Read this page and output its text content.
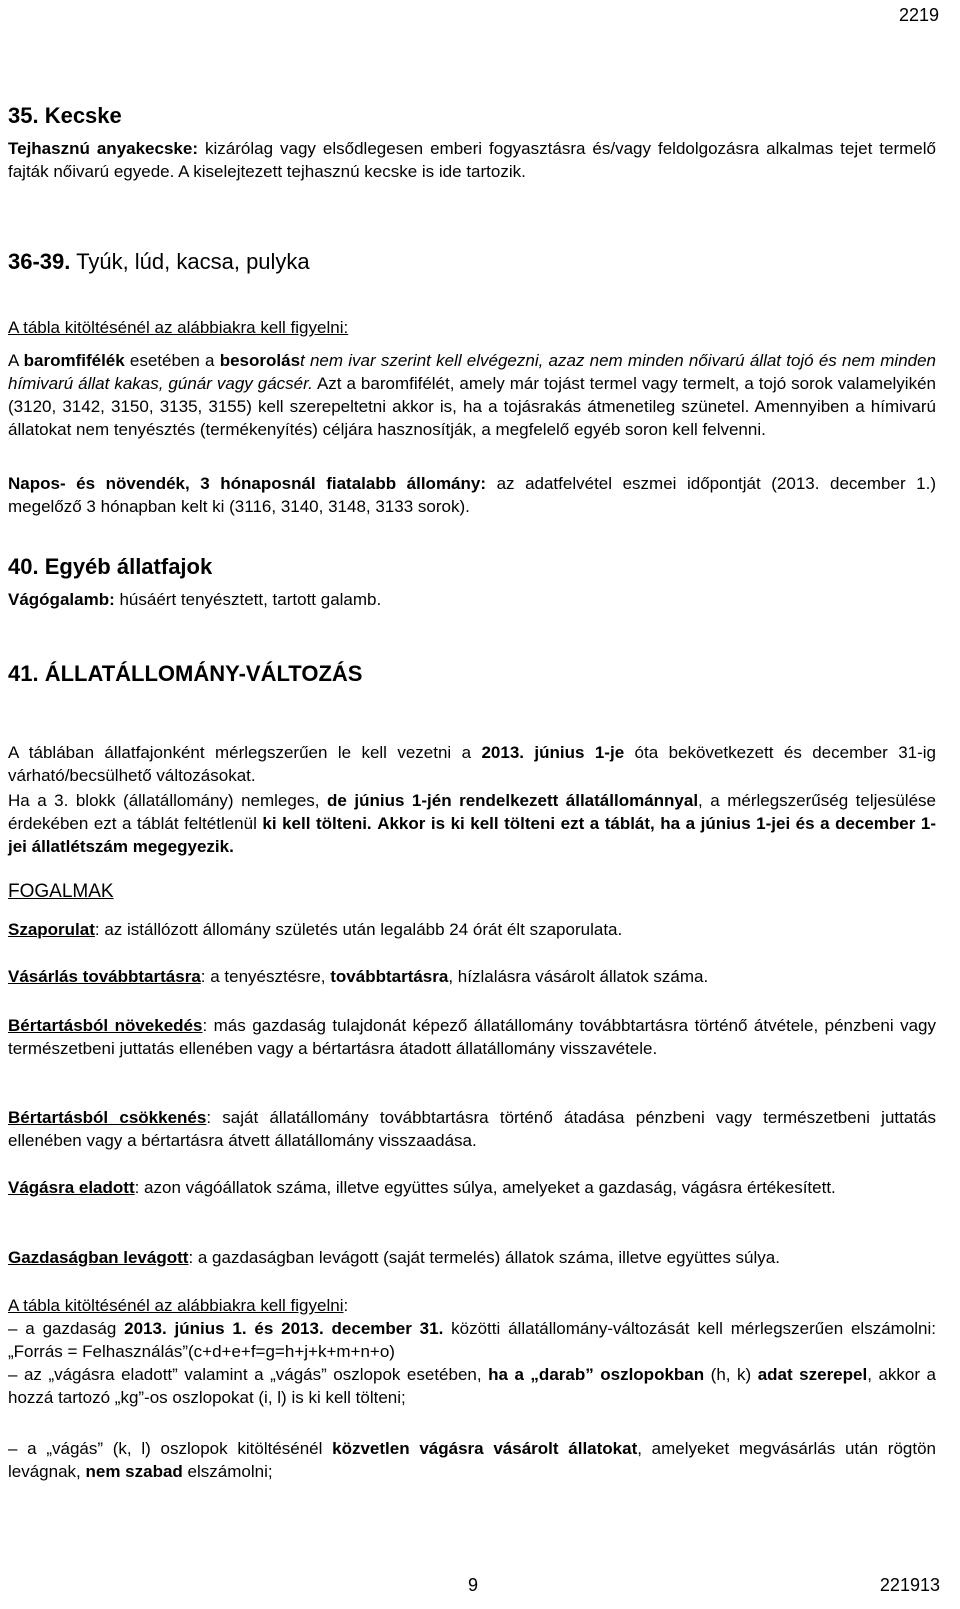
2219
35. Kecske
Tejhasznú anyakecske: kizárólag vagy elsődlegesen emberi fogyasztásra és/vagy feldolgozásra alkalmas tejet termelő fajták nőivarú egyede. A kiselejtezett tejhasznú kecske is ide tartozik.
36-39. Tyúk, lúd, kacsa, pulyka
A tábla kitöltésénél az alábbiakra kell figyelni:
A baromfifélék esetében a besorolást nem ivar szerint kell elvégezni, azaz nem minden nőivarú állat tojó és nem minden hímivarú állat kakas, gúnár vagy gácsér. Azt a baromfifélét, amely már tojást termel vagy termelt, a tojó sorok valamelyikén (3120, 3142, 3150, 3135, 3155) kell szerepeltetni akkor is, ha a tojásrakás átmenetileg szünetel. Amennyiben a hímivarú állatokat nem tenyésztés (termékenyítés) céljára hasznosítják, a megfelelő egyéb soron kell felvenni.
Napos- és növendék, 3 hónaposnál fiatalabb állomány: az adatfelvétel eszmei időpontját (2013. december 1.) megelőző 3 hónapban kelt ki (3116, 3140, 3148, 3133 sorok).
40. Egyéb állatfajok
Vágógalamb: húsáért tenyésztett, tartott galamb.
41. ÁLLATÁLLOMÁNY-VÁLTOZÁS
A táblában állatfajonként mérlegszerűen le kell vezetni a 2013. június 1-je óta bekövetkezett és december 31-ig várható/becsülhető változásokat.
Ha a 3. blokk (állatállomány) nemleges, de június 1-jén rendelkezett állatállománnyal, a mérlegszerűség teljesülése érdekében ezt a táblát feltétlenül ki kell tölteni. Akkor is ki kell tölteni ezt a táblát, ha a június 1-jei és a december 1-jei állatlétszám megegyezik.
FOGALMAK
Szaporulat: az istállózott állomány születés után legalább 24 órát élt szaporulata.
Vásárlás továbbtartásra: a tenyésztésre, továbbtartásra, hízlalásra vásárolt állatok száma.
Bértartásból növekedés: más gazdaság tulajdonát képező állatállomány továbbtartásra történő átvétele, pénzbeni vagy természetbeni juttatás ellenében vagy a bértartásra átadott állatállomány visszavétele.
Bértartásból csökkenés: saját állatállomány továbbtartásra történő átadása pénzbeni vagy természetbeni juttatás ellenében vagy a bértartásra átvett állatállomány visszaadása.
Vágásra eladott: azon vágóállatok száma, illetve együttes súlya, amelyeket a gazdaság, vágásra értékesített.
Gazdaságban levágott: a gazdaságban levágott (saját termelés) állatok száma, illetve együttes súlya.
A tábla kitöltésénél az alábbiakra kell figyelni:
– a gazdaság 2013. június 1. és 2013. december 31. közötti állatállomány-változását kell mérlegszerűen elszámolni: „Forrás = Felhasználás”(c+d+e+f=g=h+j+k+m+n+o)
– az „vágásra eladott” valamint a „vágás” oszlopok esetében, ha a „darab” oszlopokban (h, k) adat szerepel, akkor a hozzá tartozó „kg”-os oszlopokat (i, l) is ki kell tölteni;
– a „vágás” (k, l) oszlopok kitöltésénél közvetlen vágásra vásárolt állatokat, amelyeket megvásárlás után rögtön levágnak, nem szabad elszámolni;
9	221913
